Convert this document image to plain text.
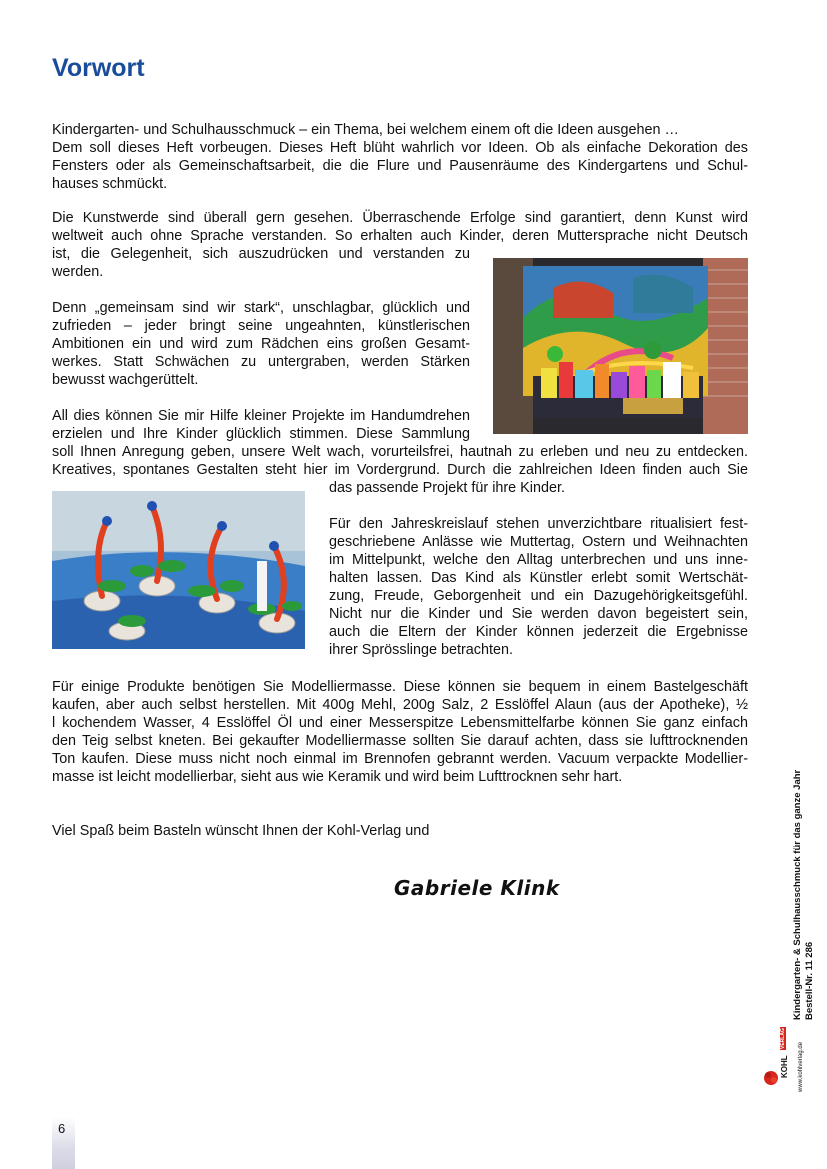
Vorwort
Kindergarten- und Schulhausschmuck – ein Thema, bei welchem einem oft die Ideen ausgehen …
Dem soll dieses Heft vorbeugen. Dieses Heft blüht wahrlich vor Ideen. Ob als einfache Dekoration des
Fensters oder als Gemeinschaftsarbeit, die die Flure und Pausenräume des Kindergartens und Schul-
hauses schmückt.
Die Kunstwerde sind überall gern gesehen. Überraschende Erfolge sind garantiert, denn Kunst wird
weltweit auch ohne Sprache verstanden. So erhalten auch Kinder, deren Muttersprache nicht Deutsch
ist, die Gelegenheit, sich auszudrücken und verstanden zu
werden.
Denn „gemeinsam sind wir stark“, unschlagbar, glücklich und
zufrieden – jeder bringt seine ungeahnten, künstlerischen
Ambitionen ein und wird zum Rädchen eins großen Gesamt-
werkes. Statt Schwächen zu untergraben, werden Stärken
bewusst wachgerüttelt.
All dies können Sie mir Hilfe kleiner Projekte im Handumdrehen
erzielen und Ihre Kinder glücklich stimmen. Diese Sammlung
soll Ihnen Anregung geben, unsere Welt wach, vorurteilsfrei, hautnah zu erleben und neu zu entdecken.
Kreatives, spontanes Gestalten steht hier im Vordergrund. Durch die zahlreichen Ideen finden auch Sie
das passende Projekt für ihre Kinder.
Für den Jahreskreislauf stehen unverzichtbare ritualisiert fest-
geschriebene Anlässe wie Muttertag, Ostern und Weihnachten
im Mittelpunkt, welche den Alltag unterbrechen und uns inne-
halten lassen. Das Kind als Künstler erlebt somit Wertschät-
zung, Freude, Geborgenheit und ein Dazugehörigkeitsgefühl.
Nicht nur die Kinder und Sie werden davon begeistert sein,
auch die Eltern der Kinder können jederzeit die Ergebnisse
ihrer Sprösslinge betrachten.
Für einige Produkte benötigen Sie Modelliermasse. Diese können sie bequem in einem Bastelgeschäft
kaufen, aber auch selbst herstellen. Mit 400g Mehl, 200g Salz, 2 Esslöffel Alaun (aus der Apotheke), ½
l kochendem Wasser, 4 Esslöffel Öl und einer Messerspitze Lebensmittelfarbe können Sie ganz einfach
den Teig selbst kneten. Bei gekaufter Modelliermasse sollten Sie darauf achten, dass sie lufttrocknenden
Ton kaufen. Diese muss nicht noch einmal im Brennofen gebrannt werden. Vacuum verpackte Modellier-
masse ist leicht modellierbar, sieht aus wie Keramik und wird beim Lufttrocknen sehr hart.
Viel Spaß beim Basteln wünscht Ihnen der Kohl-Verlag und
Gabriele Klink
6
Kindergarten- & Schulhausschmuck für das ganze Jahr Bestell-Nr. 11 286
KOHL
VERLAG
www.kohlverlag.de
